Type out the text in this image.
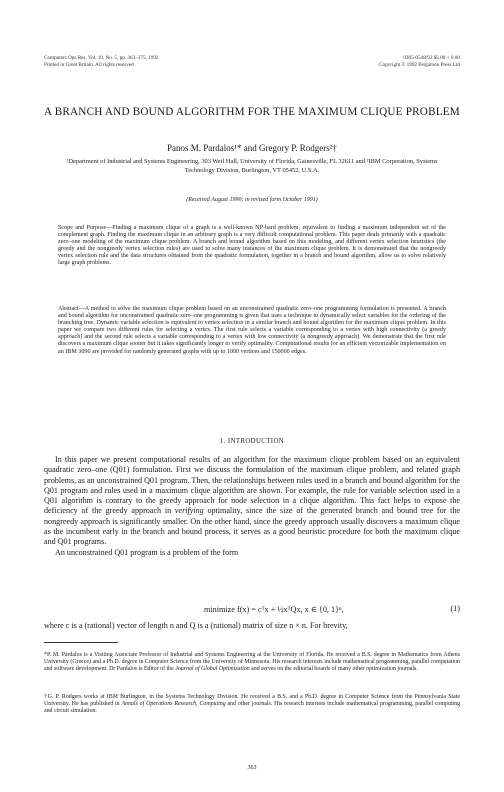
Computers Ops Res. Vol. 19, No. 5, pp. 363–375, 1992
Printed in Great Britain. All rights reserved
0305-0548/92 $5.00 + 0.00
Copyright © 1992 Pergamon Press Ltd
A BRANCH AND BOUND ALGORITHM FOR THE MAXIMUM CLIQUE PROBLEM
Panos M. Pardalos¹* and Gregory P. Rodgers²†
¹Department of Industrial and Systems Engineering, 303 Weil Hall, University of Florida, Gainesville, FL 32611 and ²IBM Corporation, Systems Technology Division, Burlington, VT 05452, U.S.A.
(Received August 1990; in revised form October 1991)
Scope and Purpose—Finding a maximum clique of a graph is a well-known NP-hard problem, equivalent to finding a maximum independent set of the complement graph. Finding the maximum clique in an arbitrary graph is a very difficult computational problem. This paper deals primarily with a quadratic zero–one modeling of the maximum clique problem. A branch and bound algorithm based on this modeling, and different vertex selection heuristics (the greedy and the nongreedy vertex selection rules) are used to solve many instances of the maximum clique problem. It is demonstrated that the nongreedy vertex selection rule and the data structures obtained from the quadratic formulation, together in a branch and bound algorithm, allow us to solve relatively large graph problems.
Abstract—A method to solve the maximum clique problem based on an unconstrained quadratic zero–one programming formulation is presented. A branch and bound algorithm for unconstrained quadratic zero–one programming is given that uses a technique to dynamically select variables for the ordering of the branching tree. Dynamic variable selection is equivalent to vertex selection in a similar branch and bound algorithm for the maximum clique problem. In this paper we compare two different rules for selecting a vertex. The first rule selects a variable corresponding to a vertex with high connectivity (a greedy approach) and the second rule selects a variable corresponding to a vertex with low connectivity (a nongreedy approach). We demonstrate that the first rule discovers a maximum clique sooner but it takes significantly longer to verify optimality. Computational results for an efficient vectorizable implementation on an IBM 3090 are provided for randomly generated graphs with up to 1000 vertices and 150000 edges.
1. INTRODUCTION
In this paper we present computational results of an algorithm for the maximum clique problem based on an equivalent quadratic zero–one (Q01) formulation. First we discuss the formulation of the maximum clique problem, and related graph problems, as an unconstrained Q01 program. Then, the relationships between rules used in a branch and bound algorithm for the Q01 program and rules used in a maximum clique algorithm are shown. For example, the rule for variable selection used in a Q01 algorithm is contrary to the greedy approach for node selection in a clique algorithm. This fact helps to expose the deficiency of the greedy approach in verifying optimality, since the size of the generated branch and bound tree for the nongreedy approach is significantly smaller. On the other hand, since the greedy approach usually discovers a maximum clique as the incumbent early in the branch and bound process, it serves as a good heuristic procedure for both the maximum clique and Q01 programs.
An unconstrained Q01 program is a problem of the form
minimize f(x) = cᵀx + ½xᵀQx, x ∈ {0, 1}ⁿ,	(1)
where c is a (rational) vector of length n and Q is a (rational) matrix of size n × n. For brevity,
*P. M. Pardalos is a Visiting Associate Professor of Industrial and Systems Engineering at the University of Florida. He received a B.S. degree in Mathematics from Athens University (Greece) and a Ph.D. degree in Computer Science from the University of Minnesota. His research interests include mathematical programming, parallel computation and software development. Dr Pardalos is Editor of the Journal of Global Optimization and serves on the editorial boards of many other optimization journals.
†G. P. Rodgers works at IBM Burlington, in the Systems Technology Division. He received a B.S. and a Ph.D. degree in Computer Science from the Pennsylvania State University. He has published in Annals of Operations Research, Computing and other journals. His research interests include mathematical programming, parallel computing and circuit simulation.
363
